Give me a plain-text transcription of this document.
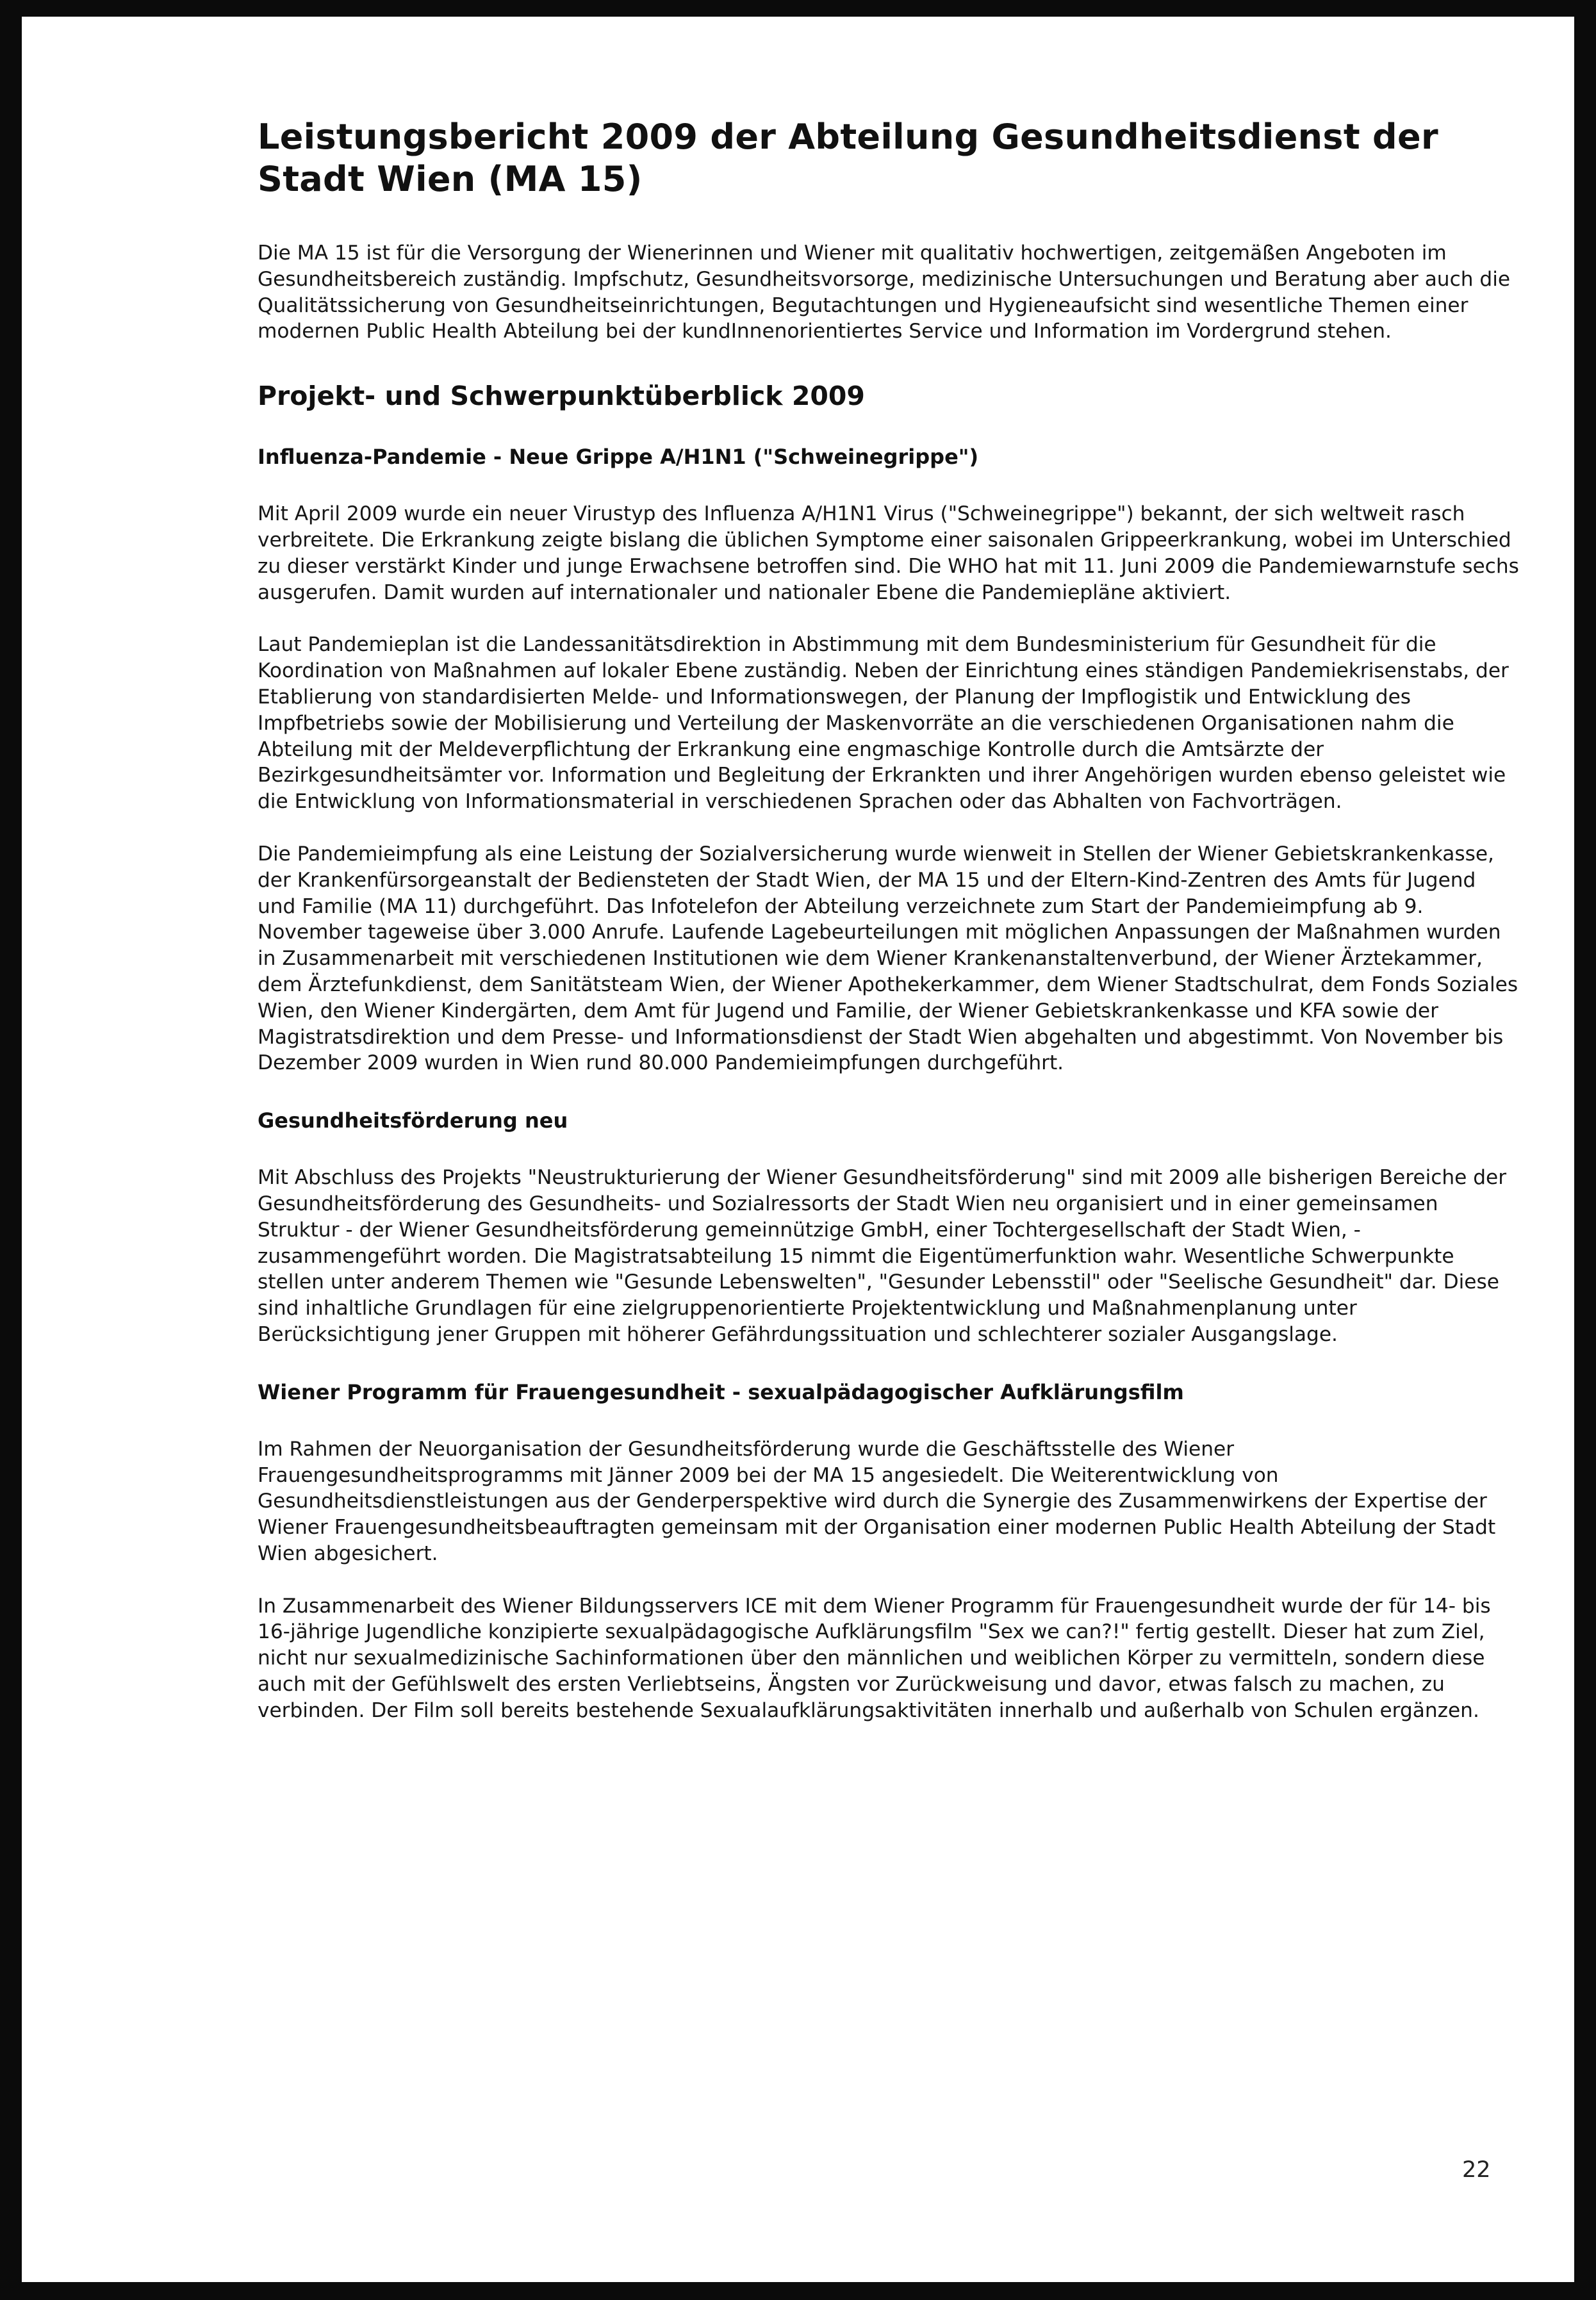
Leistungsbericht 2009 der Abteilung Gesundheitsdienst der Stadt Wien (MA 15)

Die MA 15 ist für die Versorgung der Wienerinnen und Wiener mit qualitativ hochwertigen, zeitgemäßen Angeboten im Gesundheitsbereich zuständig. Impfschutz, Gesundheitsvorsorge, medizinische Untersuchungen und Beratung aber auch die Qualitätssicherung von Gesundheitseinrichtungen, Begutachtungen und Hygieneaufsicht sind wesentliche Themen einer modernen Public Health Abteilung bei der kundInnenorientiertes Service und Information im Vordergrund stehen.

Projekt- und Schwerpunktüberblick 2009
Influenza-Pandemie - Neue Grippe A/H1N1 ("Schweinegrippe")

Mit April 2009 wurde ein neuer Virustyp des Influenza A/H1N1 Virus ("Schweinegrippe") bekannt, der sich weltweit rasch verbreitete. Die Erkrankung zeigte bislang die üblichen Symptome einer saisonalen Grippeerkrankung, wobei im Unterschied zu dieser verstärkt Kinder und junge Erwachsene betroffen sind. Die WHO hat mit 11. Juni 2009 die Pandemiewarnstufe sechs ausgerufen. Damit wurden auf internationaler und nationaler Ebene die Pandemiepläne aktiviert.

Laut Pandemieplan ist die Landessanitätsdirektion in Abstimmung mit dem Bundesministerium für Gesundheit für die Koordination von Maßnahmen auf lokaler Ebene zuständig. Neben der Einrichtung eines ständigen Pandemiekrisenstabs, der Etablierung von standardisierten Melde- und Informationswegen, der Planung der Impflogistik und Entwicklung des Impfbetriebs sowie der Mobilisierung und Verteilung der Maskenvorräte an die verschiedenen Organisationen nahm die Abteilung mit der Meldeverpflichtung der Erkrankung eine engmaschige Kontrolle durch die Amtsärzte der Bezirkgesundheitsämter vor. Information und Begleitung der Erkrankten und ihrer Angehörigen wurden ebenso geleistet wie die Entwicklung von Informationsmaterial in verschiedenen Sprachen oder das Abhalten von Fachvorträgen.

Die Pandemieimpfung als eine Leistung der Sozialversicherung wurde wienweit in Stellen der Wiener Gebietskrankenkasse, der Krankenfürsorgeanstalt der Bediensteten der Stadt Wien, der MA 15 und der Eltern-Kind-Zentren des Amts für Jugend und Familie (MA 11) durchgeführt. Das Infotelefon der Abteilung verzeichnete zum Start der Pandemieimpfung ab 9. November tageweise über 3.000 Anrufe. Laufende Lagebeurteilungen mit möglichen Anpassungen der Maßnahmen wurden in Zusammenarbeit mit verschiedenen Institutionen wie dem Wiener Krankenanstaltenverbund, der Wiener Ärztekammer, dem Ärztefunkdienst, dem Sanitätsteam Wien, der Wiener Apothekerkammer, dem Wiener Stadtschulrat, dem Fonds Soziales Wien, den Wiener Kindergärten, dem Amt für Jugend und Familie, der Wiener Gebietskrankenkasse und KFA sowie der Magistratsdirektion und dem Presse- und Informationsdienst der Stadt Wien abgehalten und abgestimmt. Von November bis Dezember 2009 wurden in Wien rund 80.000 Pandemieimpfungen durchgeführt.

Gesundheitsförderung neu

Mit Abschluss des Projekts "Neustrukturierung der Wiener Gesundheitsförderung" sind mit 2009 alle bisherigen Bereiche der Gesundheitsförderung des Gesundheits- und Sozialressorts der Stadt Wien neu organisiert und in einer gemeinsamen Struktur - der Wiener Gesundheitsförderung gemeinnützige GmbH, einer Tochtergesellschaft der Stadt Wien, - zusammengeführt worden. Die Magistratsabteilung 15 nimmt die Eigentümerfunktion wahr. Wesentliche Schwerpunkte stellen unter anderem Themen wie "Gesunde Lebenswelten", "Gesunder Lebensstil" oder "Seelische Gesundheit" dar. Diese sind inhaltliche Grundlagen für eine zielgruppenorientierte Projektentwicklung und Maßnahmenplanung unter Berücksichtigung jener Gruppen mit höherer Gefährdungssituation und schlechterer sozialer Ausgangslage.

Wiener Programm für Frauengesundheit - sexualpädagogischer Aufklärungsfilm

Im Rahmen der Neuorganisation der Gesundheitsförderung wurde die Geschäftsstelle des Wiener Frauengesundheitsprogramms mit Jänner 2009 bei der MA 15 angesiedelt. Die Weiterentwicklung von Gesundheitsdienstleistungen aus der Genderperspektive wird durch die Synergie des Zusammenwirkens der Expertise der Wiener Frauengesundheitsbeauftragten gemeinsam mit der Organisation einer modernen Public Health Abteilung der Stadt Wien abgesichert.

In Zusammenarbeit des Wiener Bildungsservers ICE mit dem Wiener Programm für Frauengesundheit wurde der für 14- bis 16-jährige Jugendliche konzipierte sexualpädagogische Aufklärungsfilm "Sex we can?!" fertig gestellt. Dieser hat zum Ziel, nicht nur sexualmedizinische Sachinformationen über den männlichen und weiblichen Körper zu vermitteln, sondern diese auch mit der Gefühlswelt des ersten Verliebtseins, Ängsten vor Zurückweisung und davor, etwas falsch zu machen, zu verbinden. Der Film soll bereits bestehende Sexualaufklärungsaktivitäten innerhalb und außerhalb von Schulen ergänzen.

22
